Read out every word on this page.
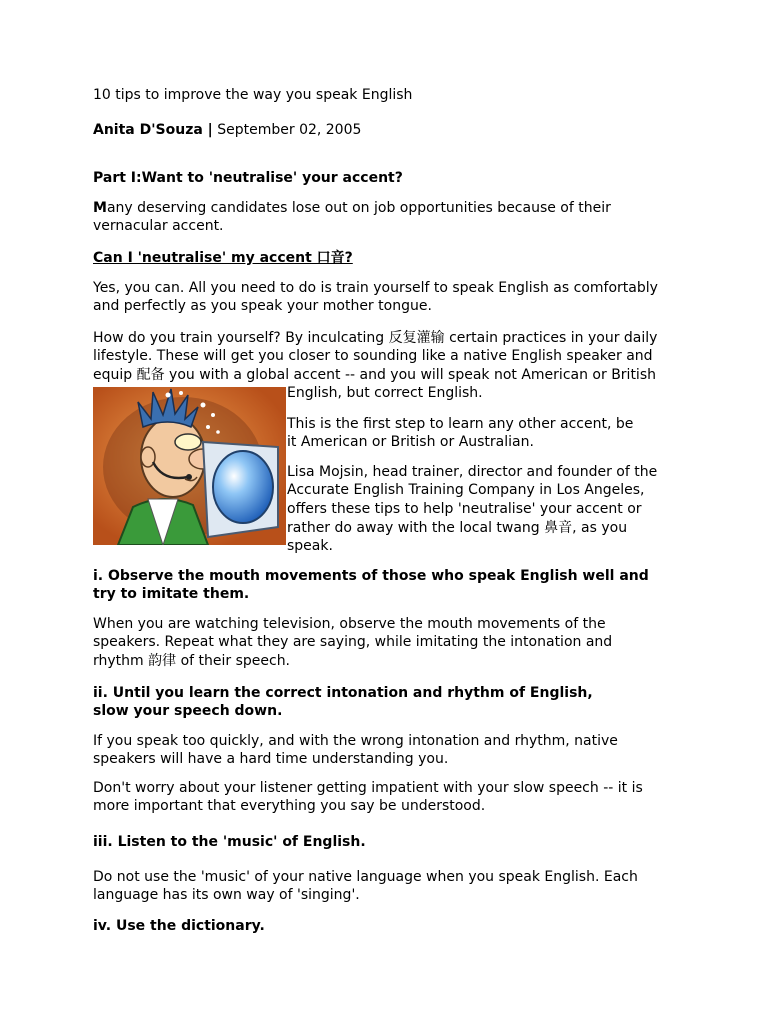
10 tips to improve the way you speak English

Anita D'Souza | September 02, 2005

Part I:Want to 'neutralise' your accent?

Many deserving candidates lose out on job opportunities because of their

vernacular accent.

Can I 'neutralise' my accent 口音?

Yes, you can. All you need to do is train yourself to speak English as comfortably

and perfectly as you speak your mother tongue.

How do you train yourself? By inculcating 反复灌输 certain practices in your daily

lifestyle. These will get you closer to sounding like a native English speaker and

equip 配备 you with a global accent -- and you will speak not American or British

English, but correct English.

This is the first step to learn any other accent, be

it American or British or Australian.

Lisa Mojsin, head trainer, director and founder of the

Accurate English Training Company in Los Angeles,

offers these tips to help 'neutralise' your accent or

rather do away with the local twang 鼻音, as you

speak.

i. Observe the mouth movements of those who speak English well and

try to imitate them.

When you are watching television, observe the mouth movements of the

speakers. Repeat what they are saying, while imitating the intonation and

rhythm 韵律 of their speech.

ii. Until you learn the correct intonation and rhythm of English,

slow your speech down.

If you speak too quickly, and with the wrong intonation and rhythm, native

speakers will have a hard time understanding you.

Don't worry about your listener getting impatient with your slow speech -- it is

more important that everything you say be understood.

iii. Listen to the 'music' of English.

Do not use the 'music' of your native language when you speak English. Each

language has its own way of 'singing'.

iv. Use the dictionary.
